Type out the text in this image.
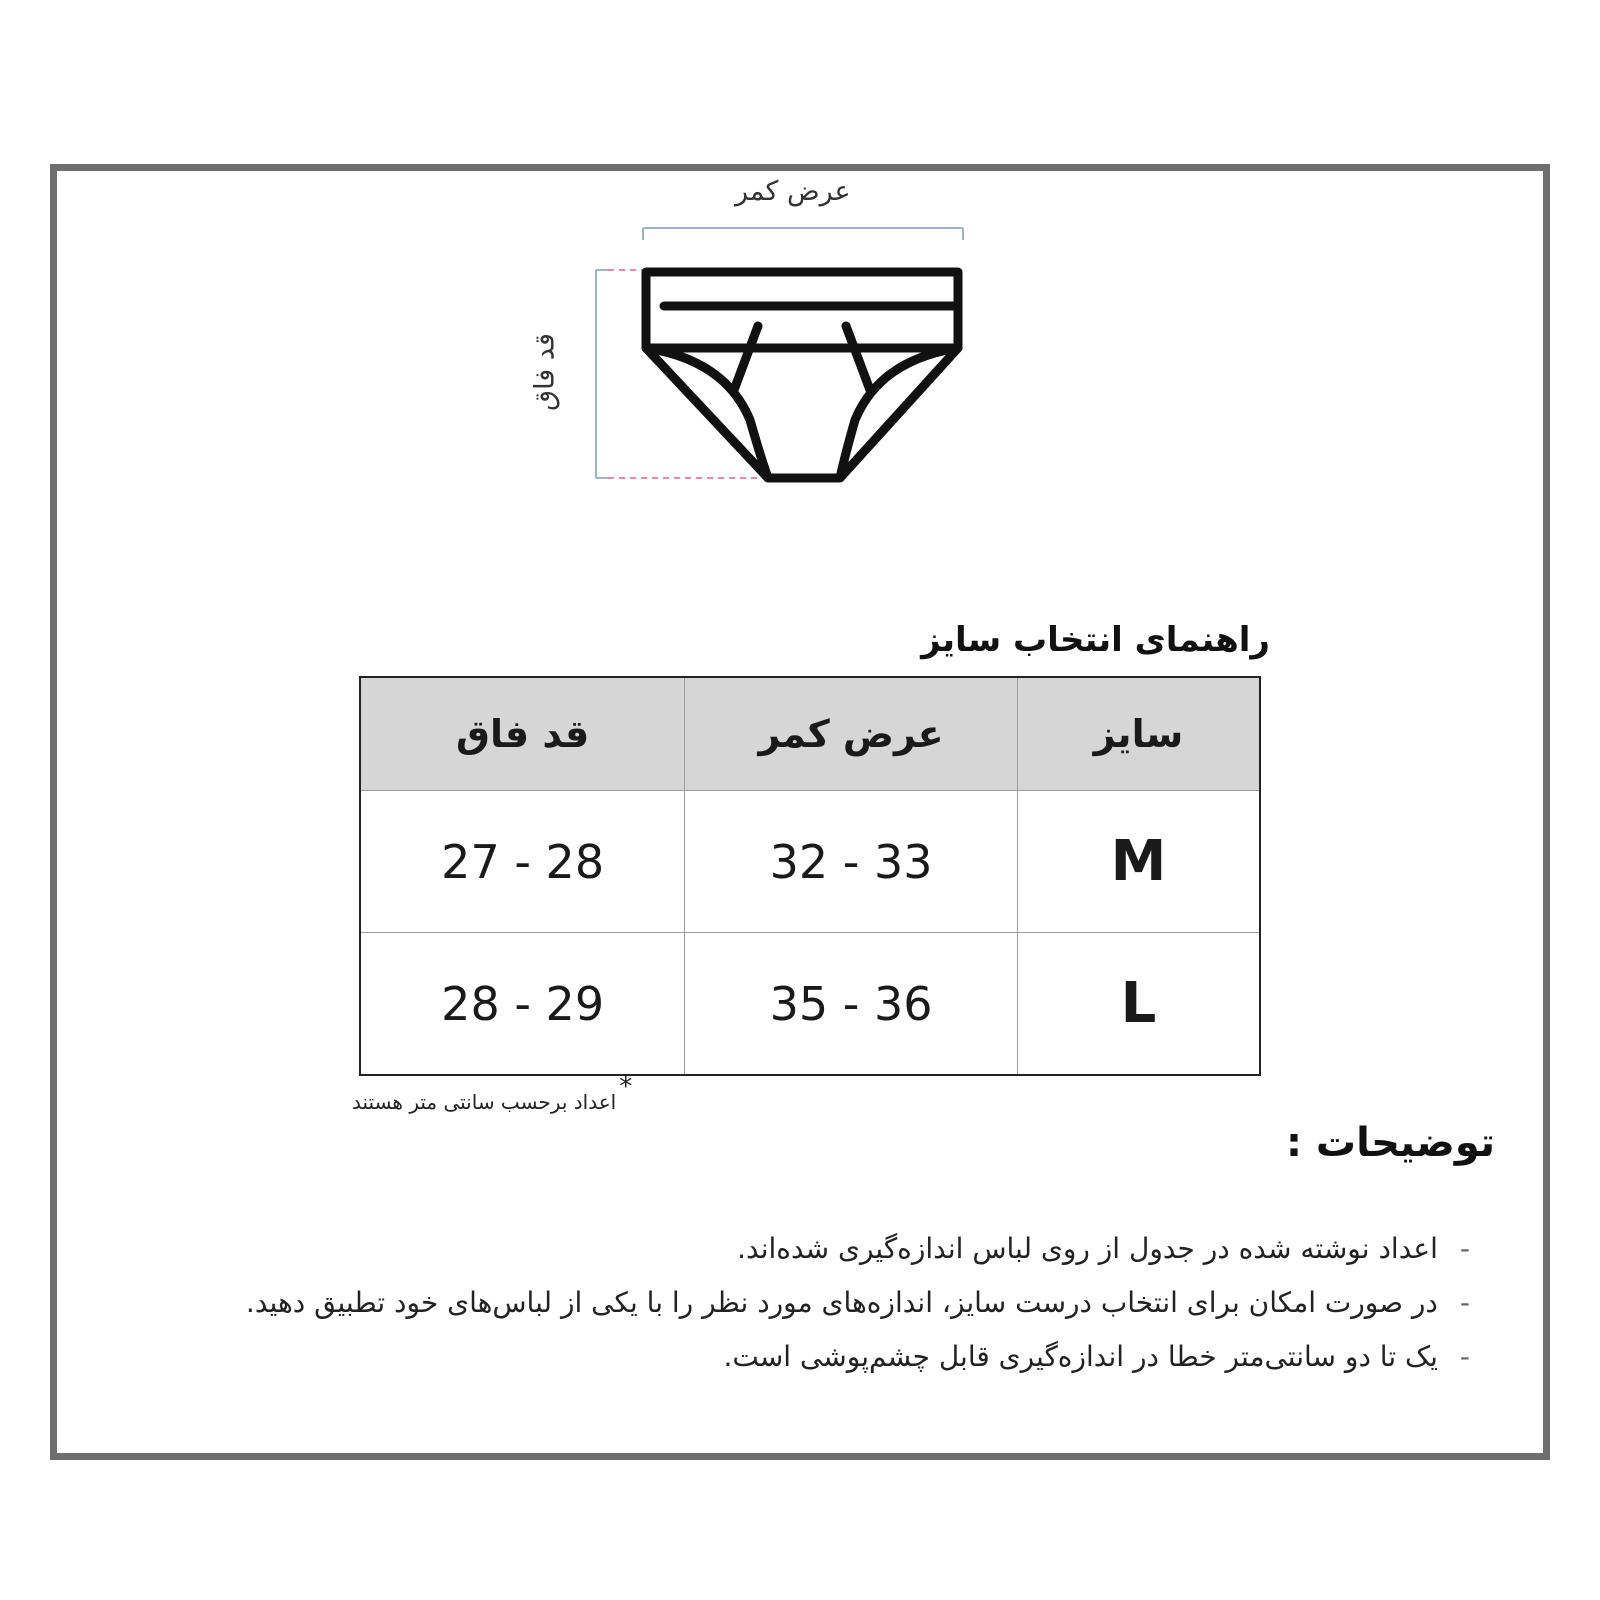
عرض کمر
قد فاق
راهنمای انتخاب سایز
سایز	عرض کمر	قد فاق
M	32 - 33	27 - 28
L	35 - 36	28 - 29
*
اعداد برحسب سانتی متر هستند
توضیحات :
- اعداد نوشته شده در جدول از روی لباس اندازه‌گیری شده‌اند.
- در صورت امکان برای انتخاب درست سایز، اندازه‌های مورد نظر را با یکی از لباس‌های خود تطبیق دهید.
- یک تا دو سانتی‌متر خطا در اندازه‌گیری قابل چشم‌پوشی است.
